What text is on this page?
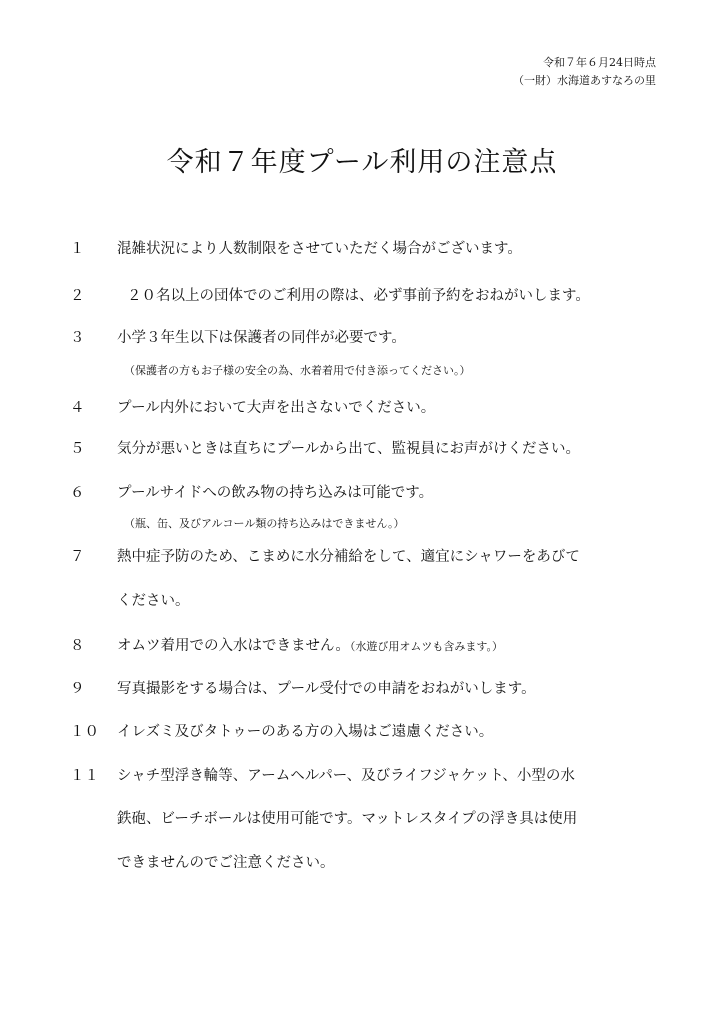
令和７年６月24日時点
（一財）水海道あすなろの里
令和７年度プール利用の注意点
１ 混雑状況により人数制限をさせていただく場合がございます。
２	２０名以上の団体でのご利用の際は、必ず事前予約をおねがいします。
３ 小学３年生以下は保護者の同伴が必要です。
（保護者の方もお子様の安全の為、水着着用で付き添ってください。）
４ プール内外において大声を出さないでください。
５ 気分が悪いときは直ちにプールから出て、監視員にお声がけください。
６ プールサイドへの飲み物の持ち込みは可能です。
（瓶、缶、及びアルコール類の持ち込みはできません。）
７ 熱中症予防のため、こまめに水分補給をして、適宜にシャワーをあびて
ください。
８ オムツ着用での入水はできません。（水遊び用オムツも含みます。）
９ 写真撮影をする場合は、プール受付での申請をおねがいします。
１０ イレズミ及びタトゥーのある方の入場はご遠慮ください。
１１ シャチ型浮き輪等、アームヘルパー、及びライフジャケット、小型の水
鉄砲、ビーチボールは使用可能です。マットレスタイプの浮き具は使用
できませんのでご注意ください。
